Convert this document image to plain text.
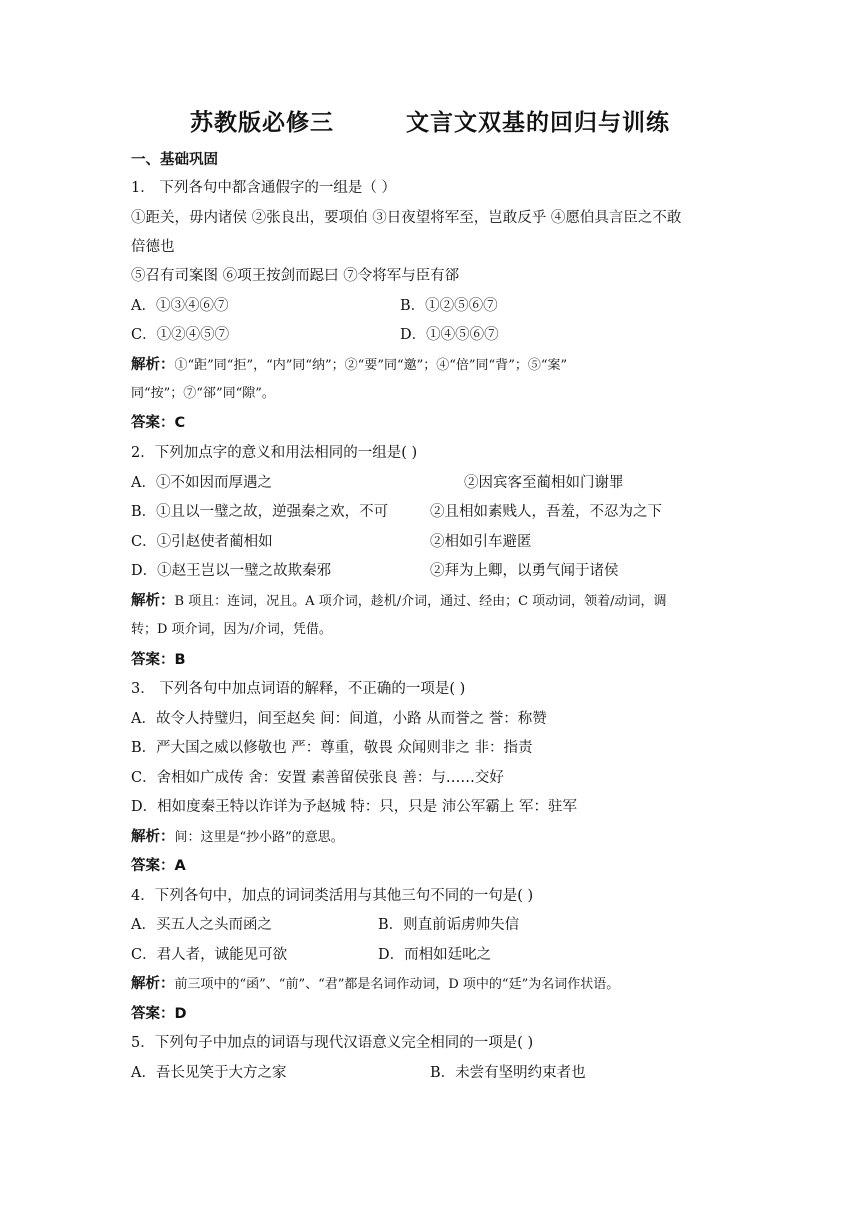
苏教版必修三        文言文双基的回归与训练
一、基础巩固
1． 下列各句中都含通假字的一组是（ ）
①距关，毋内诸侯 ②张良出，要项伯 ③日夜望将军至，岂敢反乎 ④愿伯具言臣之不敢
倍德也
⑤召有司案图 ⑥项王按剑而跽曰 ⑦令将军与臣有郤
A．①③④⑥⑦	B．①②⑤⑥⑦
C．①②④⑤⑦	D．①④⑤⑥⑦
解析：①“距”同“拒”，“内”同“纳”；②“要”同“邀”；④“倍”同“背”；⑤“案”
同“按”；⑦“郤”同“隙”。
答案：C
2．下列加点字的意义和用法相同的一组是( )
A．①不如因而厚遇之	②因宾客至蔺相如门谢罪
B．①且以一璧之故，逆强秦之欢，不可	②且相如素贱人，吾羞，不忍为之下
C．①引赵使者蔺相如	②相如引车避匿
D．①赵王岂以一璧之故欺秦邪	②拜为上卿，以勇气闻于诸侯
解析：B 项且：连词，况且。A 项介词，趁机/介词，通过、经由；C 项动词，领着/动词，调
转；D 项介词，因为/介词，凭借。
答案：B
3． 下列各句中加点词语的解释，不正确的一项是( )
A．故令人持璧归，间至赵矣 间：间道，小路 从而誉之 誉：称赞
B．严大国之威以修敬也 严：尊重，敬畏 众闻则非之 非：指责
C．舍相如广成传 舍：安置 素善留侯张良 善：与……交好
D．相如度秦王特以诈详为予赵城 特：只，只是 沛公军霸上 军：驻军
解析：间：这里是“抄小路”的意思。
答案：A
4．下列各句中，加点的词词类活用与其他三句不同的一句是( )
A．买五人之头而函之	B．则直前诟虏帅失信
C．君人者，诚能见可欲	D．而相如廷叱之
解析：前三项中的“函”、“前”、“君”都是名词作动词，D 项中的“廷”为名词作状语。
答案：D
5．下列句子中加点的词语与现代汉语意义完全相同的一项是( )
A．吾长见笑于大方之家	B．未尝有坚明约束者也
